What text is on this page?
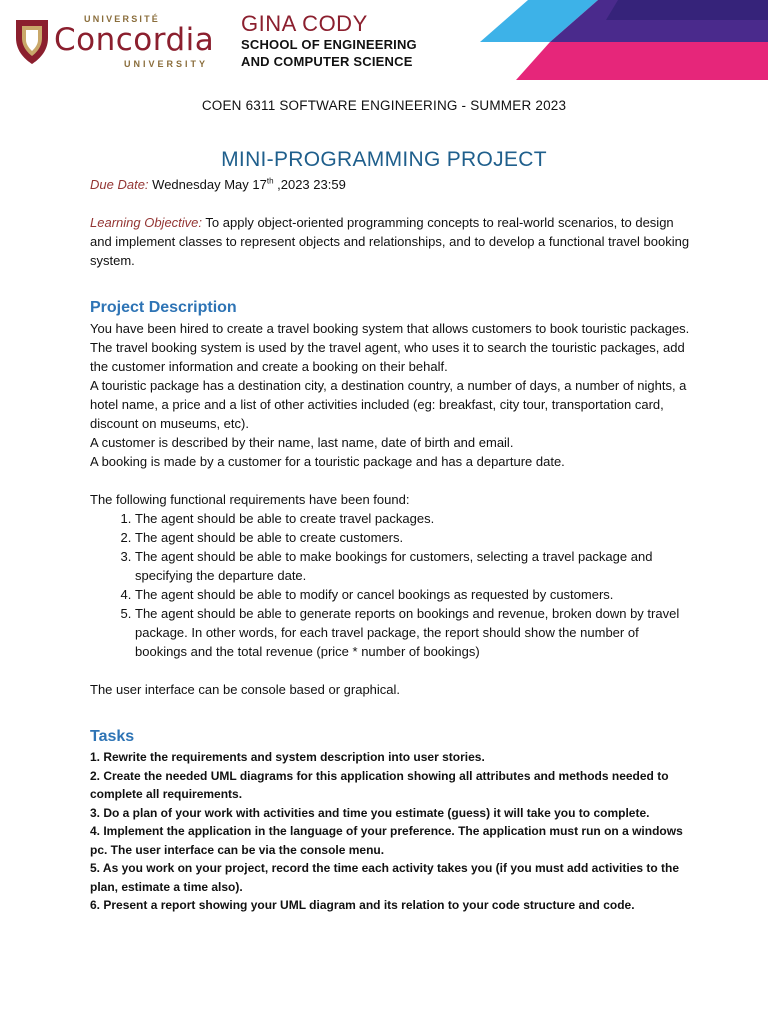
UNIVERSITÉ
Concordia
UNIVERSITY
GINA CODY
SCHOOL OF ENGINEERING
AND COMPUTER SCIENCE
COEN 6311 SOFTWARE ENGINEERING - SUMMER 2023
MINI-PROGRAMMING PROJECT

Due Date: Wednesday May 17th ,2023 23:59

Learning Objective: To apply object-oriented programming concepts to real-world scenarios, to design and implement classes to represent objects and relationships, and to develop a functional travel booking system.

Project Description

You have been hired to create a travel booking system that allows customers to book touristic packages. The travel booking system is used by the travel agent, who uses it to search the touristic packages, add the customer information and create a booking on their behalf.

A touristic package has a destination city, a destination country, a number of days, a number of nights, a hotel name, a price and a list of other activities included (eg: breakfast, city tour, transportation card, discount on museums, etc).

A customer is described by their name, last name, date of birth and email.

A booking is made by a customer for a touristic package and has a departure date.

The following functional requirements have been found:

1. The agent should be able to create travel packages.
2. The agent should be able to create customers.
3. The agent should be able to make bookings for customers, selecting a travel package and specifying the departure date.
4. The agent should be able to modify or cancel bookings as requested by customers.
5. The agent should be able to generate reports on bookings and revenue, broken down by travel package. In other words, for each travel package, the report should show the number of bookings and the total revenue (price * number of bookings)

The user interface can be console based or graphical.

Tasks
1. Rewrite the requirements and system description into user stories.
2. Create the needed UML diagrams for this application showing all attributes and methods needed to complete all requirements.
3. Do a plan of your work with activities and time you estimate (guess) it will take you to complete.
4. Implement the application in the language of your preference. The application must run on a windows pc. The user interface can be via the console menu.
5. As you work on your project, record the time each activity takes you (if you must add activities to the plan, estimate a time also).
6. Present a report showing your UML diagram and its relation to your code structure and code.
